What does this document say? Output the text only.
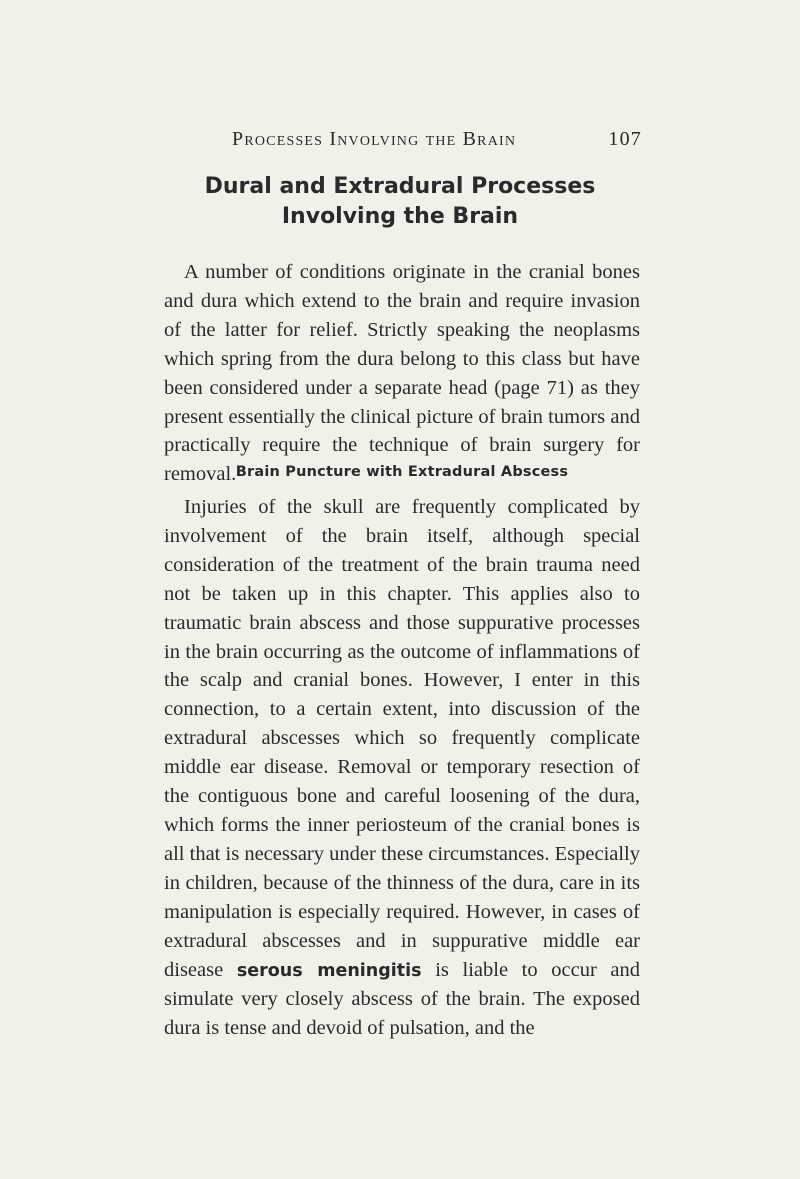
Processes Involving the Brain	107
Dural and Extradural Processes Involving the Brain

A number of conditions originate in the cranial bones and dura which extend to the brain and require invasion of the latter for relief. Strictly speaking the neoplasms which spring from the dura belong to this class but have been considered under a separate head (page 71) as they present essentially the clinical picture of brain tumors and practically require the technique of brain surgery for removal. Brain Puncture with Extradural Abscess

Injuries of the skull are frequently complicated by involvement of the brain itself, although special consideration of the treatment of the brain trauma need not be taken up in this chapter. This applies also to traumatic brain abscess and those suppurative processes in the brain occurring as the outcome of inflammations of the scalp and cranial bones. However, I enter in this connection, to a certain extent, into discussion of the extradural abscesses which so frequently complicate middle ear disease. Removal or temporary resection of the contiguous bone and careful loosening of the dura, which forms the inner periosteum of the cranial bones is all that is necessary under these circumstances. Especially in children, because of the thinness of the dura, care in its manipulation is especially required. However, in cases of extradural abscesses and in suppurative middle ear disease serous meningitis is liable to occur and simulate very closely abscess of the brain. The exposed dura is tense and devoid of pulsation, and the
